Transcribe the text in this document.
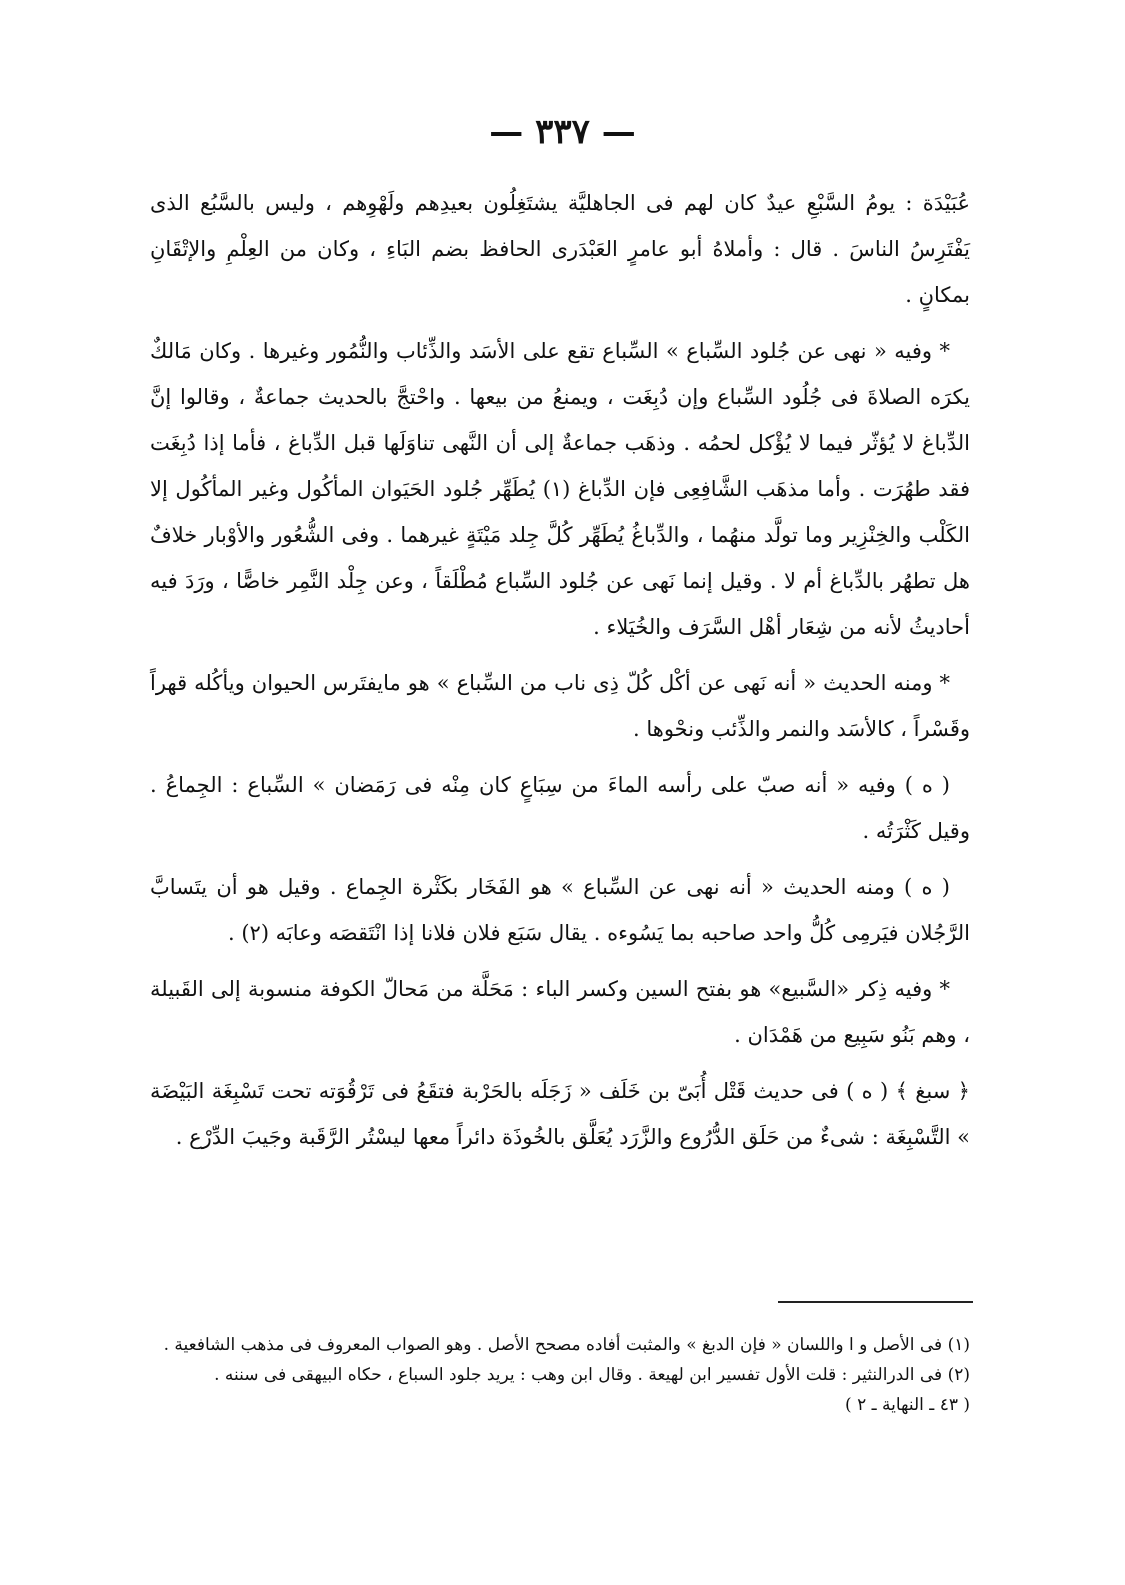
— ٣٣٧ —

عُبَيْدَة : يومُ السَّبْعِ عيدٌ كان لهم فى الجاهليَّة يشتَغِلُون بعيدِهم ولَهْوِهم ، وليس بالسَّبُع الذى يَفْتَرِسُ الناسَ . قال : وأملاهُ أبو عامرٍ العَبْدَرى الحافظ بضم البَاءِ ، وكان من العِلْمِ والإتْقَانِ بمكانٍ .

* وفيه « نهى عن جُلود السِّباع » السِّباع تقع على الأسَد والذِّئاب والنُّمُور وغيرها . وكان مَالكٌ يكرَه الصلاةَ فى جُلُود السِّباع وإن دُبِغَت ، ويمنعُ من بيعها . واحْتجَّ بالحديث جماعةٌ ، وقالوا إنَّ الدِّباغ لا يُؤثّر فيما لا يُؤْكل لحمُه . وذهَب جماعةٌ إلى أن النَّهى تناوَلَها قبل الدِّباغ ، فأما إذا دُبِغَت فقد طهُرَت . وأما مذهَب الشَّافِعِى فإن الدِّباغ (١) يُطَهِّر جُلود الحَيَوان المأكُول وغير المأكُول إلا الكَلْب والخِنْزِير وما تولَّد منهُما ، والدِّباغُ يُطَهِّر كُلَّ جِلد مَيْتَةٍ غيرهما . وفى الشُّعُور والأوْبار خلافٌ هل تطهُر بالدِّباغ أم لا . وقيل إنما نَهى عن جُلود السِّباع مُطْلَقاً ، وعن جِلْد النَّمِر خاصًّا ، ورَدَ فيه أحاديثُ لأنه من شِعَار أهْل السَّرَف والخُيَلاء .

* ومنه الحديث « أنه نَهى عن أكْل كُلّ ذِى ناب من السِّباع » هو مايفتَرس الحيوان ويأكُله قهراً وقَسْراً ، كالأسَد والنمر والذِّئب ونحْوها .

( ه ) وفيه « أنه صبّ على رأسه الماءَ من سِبَاعٍ كان مِنْه فى رَمَضان » السِّباع : الجِماعُ . وقيل كَثْرَتُه .

( ه ) ومنه الحديث « أنه نهى عن السِّباع » هو الفَخَار بكَثْرة الجِماع . وقيل هو أن يتَسابَّ الرَّجُلان فيَرمِى كُلُّ واحد صاحبه بما يَسُوءه . يقال سَبَع فلان فلانا إذا انْتَقصَه وعابَه (٢) .

* وفيه ذِكر «السَّبيع» هو بفتح السين وكسر الباء : مَحَلَّة من مَحالّ الكوفة منسوبة إلى القَبيلة ، وهم بَنُو سَبِيع من هَمْدَان .

﴿ سبغ ﴾ ( ه ) فى حديث قَتْل أُبَىّ بن خَلَف « زَجَلَه بالحَرْبة فتقَعُ فى تَرْقُوَته تحت تَسْبِغَة البَيْضَة » التَّسْبِغَة : شىءٌ من حَلَق الدُّرُوع والزَّرَد يُعَلَّق بالخُوذَة دائراً معها ليسْتُر الرَّقَبة وجَيبَ الدِّرْع .

(١) فى الأصل و ا واللسان « فإن الدبغ » والمثبت أفاده مصحح الأصل . وهو الصواب المعروف فى مذهب الشافعية .

(٢) فى الدرالنثير : قلت الأول تفسير ابن لهيعة . وقال ابن وهب : يريد جلود السباع ، حكاه البيهقى فى سننه .

( ٤٣ ـ النهاية ـ ٢ )
